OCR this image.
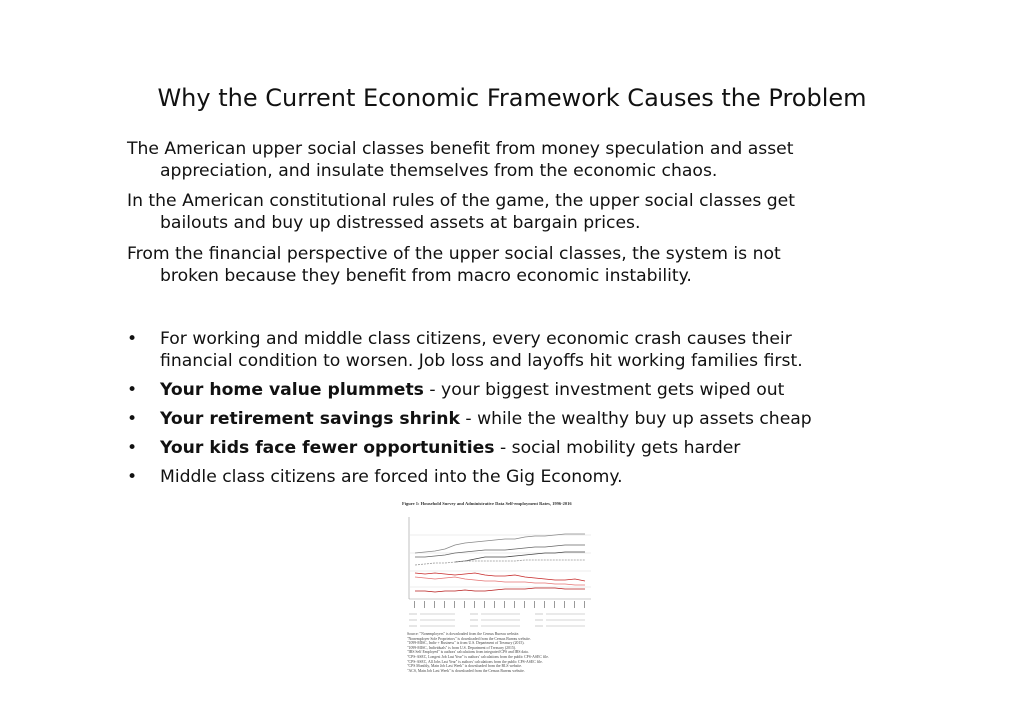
Why the Current Economic Framework Causes the Problem

The American upper social classes benefit from money speculation and asset
appreciation, and insulate themselves from the economic chaos.

In the American constitutional rules of the game, the upper social classes get
bailouts and buy up distressed assets at bargain prices.

From the financial perspective of the upper social classes, the system is not
broken because they benefit from macro economic instability.

• For working and middle class citizens, every economic crash causes their
financial condition to worsen. Job loss and layoffs hit working families first.
• Your home value plummets - your biggest investment gets wiped out
• Your retirement savings shrink - while the wealthy buy up assets cheap
• Your kids face fewer opportunities - social mobility gets harder
• Middle class citizens are forced into the Gig Economy.
Figure 1: Household Survey and Administrative Data Self-employment Rates, 1996-2016
Source: "Nonemployers" is downloaded from the Census Bureau website.
"Nonemployer Sole Proprietors" is downloaded from the Census Bureau website.
"1099-MISC, Indiv + Business" is from U.S. Department of Treasury (2015).
"1099-MISC, Individuals" is from U.S. Department of Treasury (2015).
"IRS Self Employed" is authors' calculations from integrated CPS and IRS data.
"CPS-ASEC, Longest Job Last Year" is authors' calculations from the public CPS-ASEC file.
"CPS-ASEC, All Jobs Last Year" is authors' calculations from the public CPS-ASEC file.
"CPS Monthly, Main Job Last Week" is downloaded from the BLS website.
"ACS, Main Job Last Week" is downloaded from the Census Bureau website.
